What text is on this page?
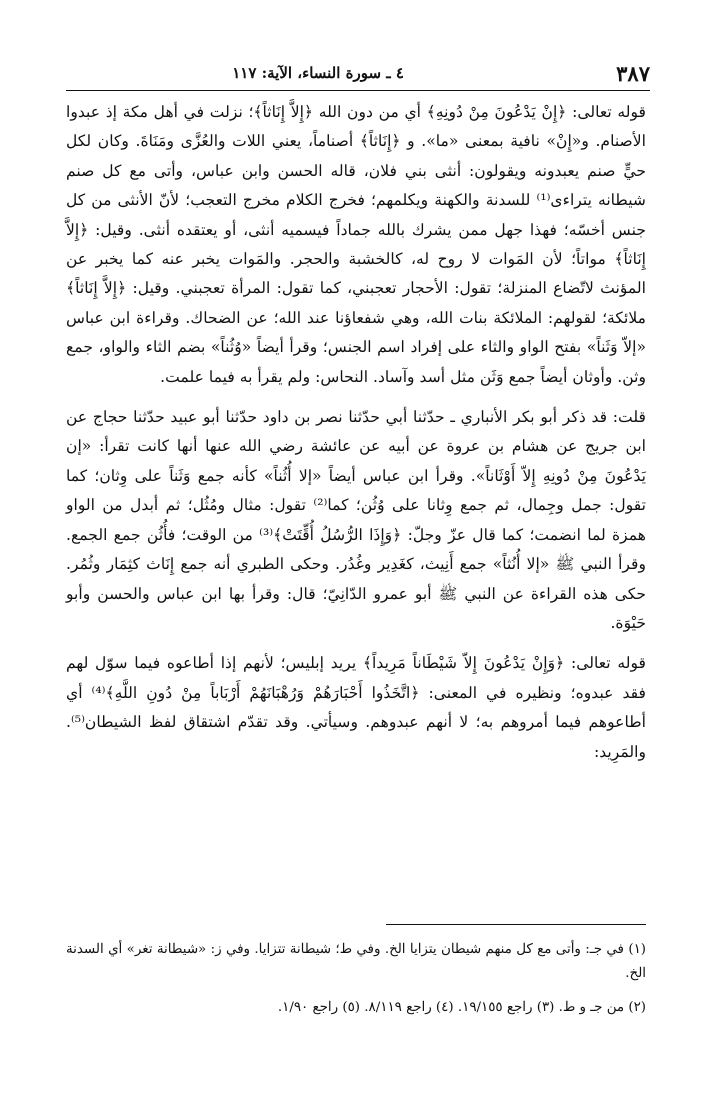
٣٨٧
٤ ـ سورة النساء، الآية: ١١٧

قوله تعالى: ﴿إِنْ يَدْعُونَ مِنْ دُونِهِ﴾ أي من دون الله ﴿إِلاَّ إِنَاثاً﴾؛ نزلت في أهل مكة إذ عبدوا الأصنام. و«إِنْ» نافية بمعنى «ما». و ﴿إِنَاثاً﴾ أصناماً، يعني اللات والعُزَّى ومَنَاةَ. وكان لكل حيٍّ صنم يعبدونه ويقولون: أنثى بني فلان، قاله الحسن وابن عباس، وأتى مع كل صنم شيطانه يتراءى⁽¹⁾ للسدنة والكهنة ويكلمهم؛ فخرج الكلام مخرج التعجب؛ لأنّ الأنثى من كل جنس أخسّه؛ فهذا جهل ممن يشرك بالله جماداً فيسميه أنثى، أو يعتقده أنثى. وقيل: ﴿إِلاَّ إِنَاثاً﴾ مواتاً؛ لأن المَوات لا روح له، كالخشبة والحجر. والمَوات يخبر عنه كما يخبر عن المؤنث لاتّضاع المنزلة؛ تقول: الأحجار تعجبني، كما تقول: المرأة تعجبني. وقيل: ﴿إِلاَّ إِنَاثاً﴾ ملائكة؛ لقولهم: الملائكة بنات الله، وهي شفعاؤنا عند الله؛ عن الضحاك. وقراءة ابن عباس «إلاّ وَثَناً» بفتح الواو والثاء على إفراد اسم الجنس؛ وقرأ أيضاً «وُثُناً» بضم الثاء والواو، جمع وثن. وأوثان أيضاً جمع وَثَن مثل أسد وآساد. النحاس: ولم يقرأ به فيما علمت.

قلت: قد ذكر أبو بكر الأنباري ـ حدّثنا أبي حدّثنا نصر بن داود حدّثنا أبو عبيد حدّثنا حجاج عن ابن جريج عن هشام بن عروة عن أبيه عن عائشة رضي الله عنها أنها كانت تقرأ: «إن يَدْعُونَ مِنْ دُونِهِ إِلاّ أَوْثَاناً». وقرأ ابن عباس أيضاً «إلا أُثُناً» كأنه جمع وَثَناً على وِثان؛ كما تقول: جمل وجِمال، ثم جمع وِثانا على وُثُن؛ كما⁽²⁾ تقول: مثال ومُثُل؛ ثم أبدل من الواو همزة لما انضمت؛ كما قال عزّ وجلّ: ﴿وَإِذَا الرُّسُلُ أُقِّتَتْ﴾⁽³⁾ من الوقت؛ فأُثُن جمع الجمع. وقرأ النبي ﷺ «إلا أُنُثاً» جمع أَنِيث، كغَدِير وغُدُر. وحكى الطبري أنه جمع إِنَاث كثِمَار وثُمُر. حكى هذه القراءة عن النبي ﷺ أبو عمرو الدّانِيّ؛ قال: وقرأ بها ابن عباس والحسن وأبو حَيْوَة.

قوله تعالى: ﴿وَإِنْ يَدْعُونَ إِلاّ شَيْطَاناً مَرِيداً﴾ يريد إبليس؛ لأنهم إذا أطاعوه فيما سوّل لهم فقد عبدوه؛ ونظيره في المعنى: ﴿اتَّخَذُوا أَحْبَارَهُمْ وَرُهْبَانَهُمْ أَرْبَاباً مِنْ دُونِ اللَّهِ﴾⁽⁴⁾ أي أطاعوهم فيما أمروهم به؛ لا أنهم عبدوهم. وسيأتي. وقد تقدّم اشتقاق لفظ الشيطان⁽⁵⁾. والمَرِيد:

(١) في جـ: وأتى مع كل منهم شيطان يتزايا الخ. وفي ط؛ شيطانة تتزايا. وفي ز: «شيطانة تغر» أي السدنة الخ.

(٢) من جـ و ط. (٣) راجع ١٩/١٥٥. (٤) راجع ٨/١١٩. (٥) راجع ١/٩٠.
